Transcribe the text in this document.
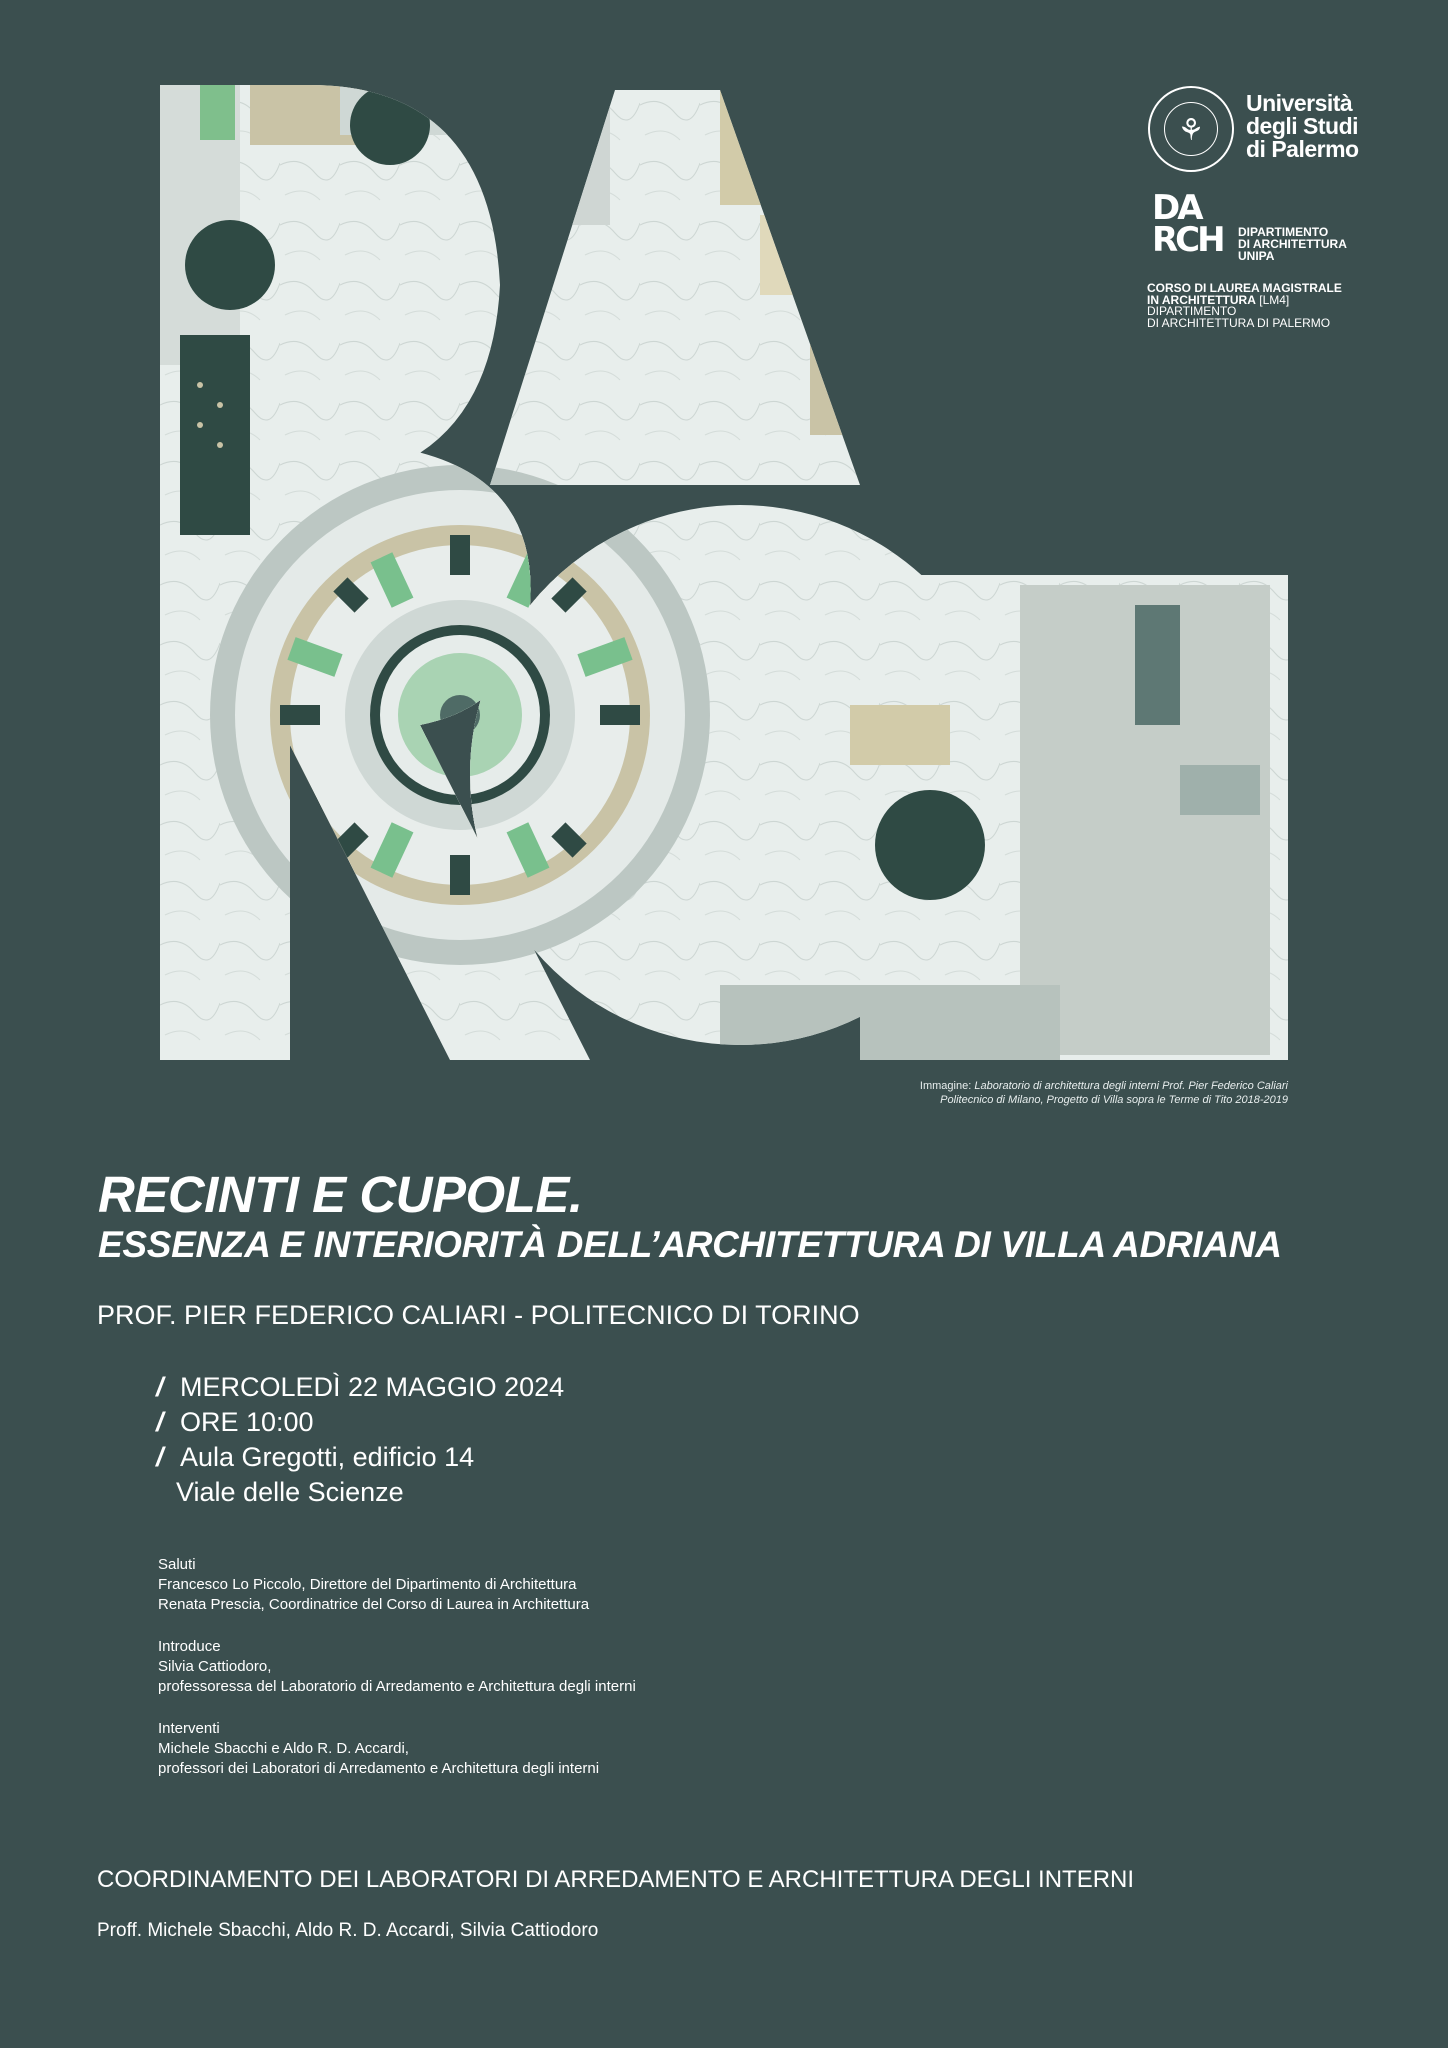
⚘
Università
degli Studi
di Palermo
DA
RCH	DIPARTIMENTO
DI ARCHITETTURA
UNIPA
CORSO DI LAUREA MAGISTRALE
IN ARCHITETTURA [LM4]
DIPARTIMENTO
DI ARCHITETTURA DI PALERMO
Immagine: Laboratorio di architettura degli interni Prof. Pier Federico Caliari
Politecnico di Milano, Progetto di Villa sopra le Terme di Tito 2018-2019
RECINTI E CUPOLE.
ESSENZA E INTERIORITÀ DELL’ARCHITETTURA DI VILLA ADRIANA
PROF. PIER FEDERICO CALIARI - POLITECNICO DI TORINO
/ MERCOLEDÌ 22 MAGGIO 2024
/ ORE 10:00
/ Aula Gregotti, edificio 14
Viale delle Scienze
Saluti
Francesco Lo Piccolo, Direttore del Dipartimento di Architettura
Renata Prescia, Coordinatrice del Corso di Laurea in Architettura
Introduce
Silvia Cattiodoro,
professoressa del Laboratorio di Arredamento e Architettura degli interni
Interventi
Michele Sbacchi e Aldo R. D. Accardi,
professori dei Laboratori di Arredamento e Architettura degli interni
COORDINAMENTO DEI LABORATORI DI ARREDAMENTO E ARCHITETTURA DEGLI INTERNI
Proff. Michele Sbacchi, Aldo R. D. Accardi, Silvia Cattiodoro
